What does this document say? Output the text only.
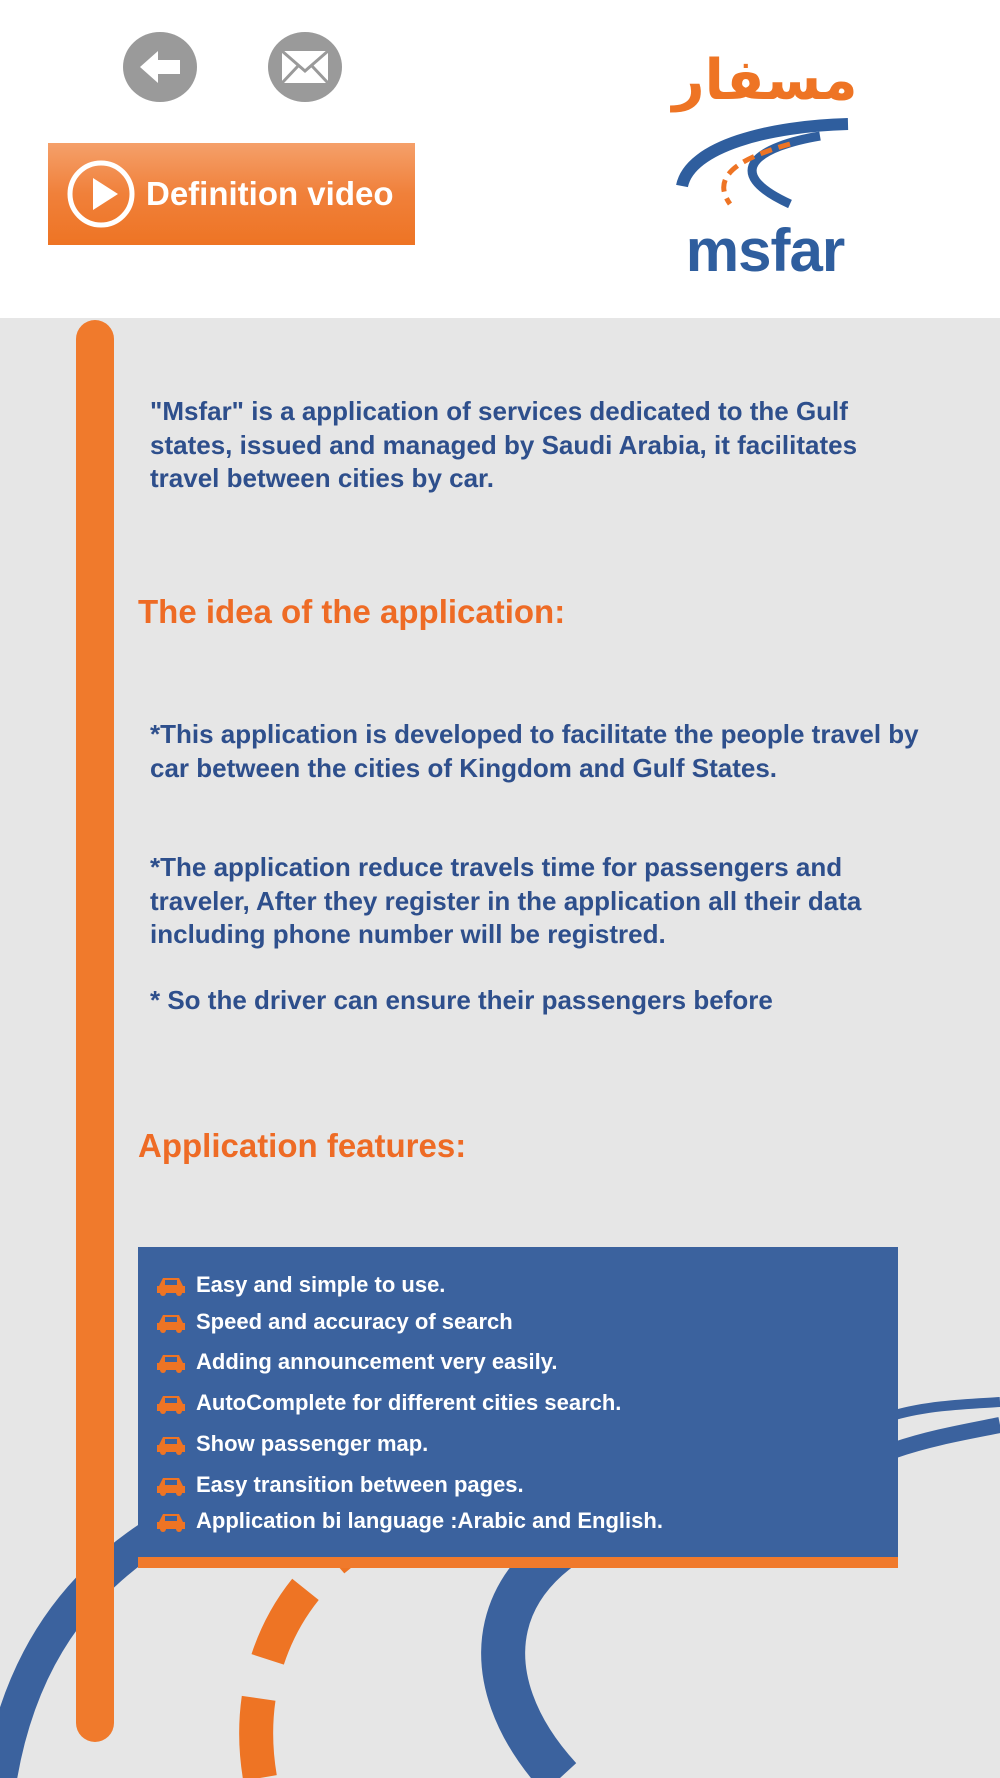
Definition video
مسفار
msfar

"Msfar" is a application of services dedicated to the Gulf states, issued and managed by Saudi Arabia, it facilitates travel between cities by car.

The idea of the application:

*This application is developed to facilitate the people travel by car between the cities of Kingdom and Gulf States.

*The application reduce travels time for passengers and traveler, After they register in the application all their data including phone number will be registred.

* So the driver can ensure their passengers before

Application features:
Easy and simple to use.
Speed and accuracy of search
Adding announcement very easily.
AutoComplete for different cities search.
Show passenger map.
Easy transition between pages.
Application bi language :Arabic and English.
